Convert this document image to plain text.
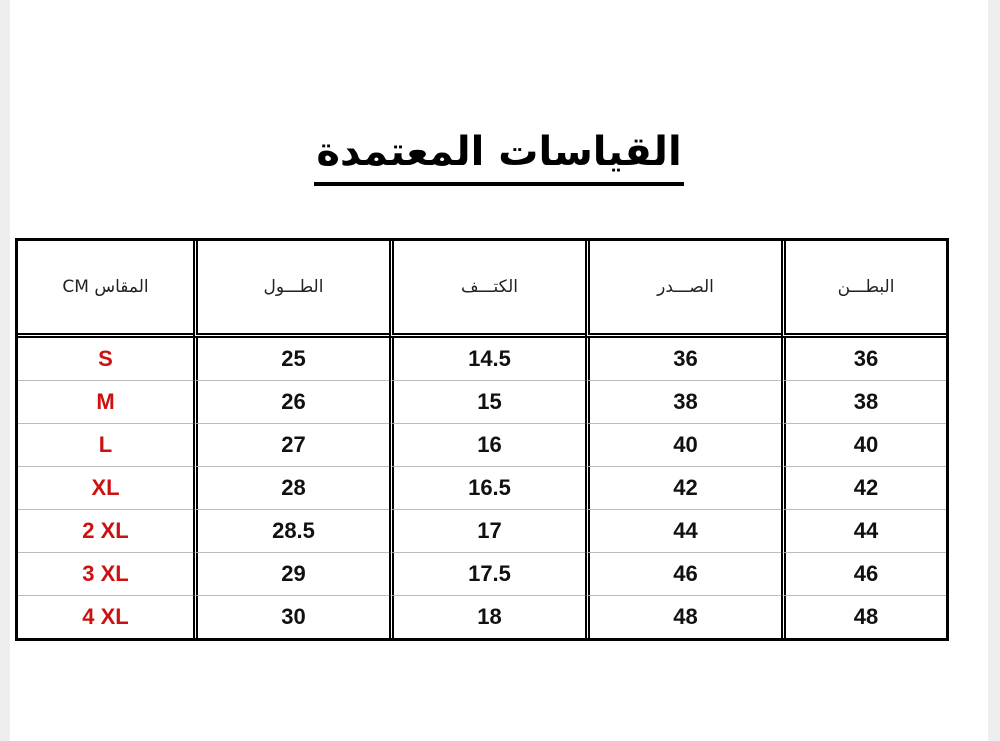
القياسات المعتمدة
المقاس CM	الطـــول	الكتـــف	الصـــدر	البطـــن
S	25	14.5	36	36
M	26	15	38	38
L	27	16	40	40
XL	28	16.5	42	42
2 XL	28.5	17	44	44
3 XL	29	17.5	46	46
4 XL	30	18	48	48
